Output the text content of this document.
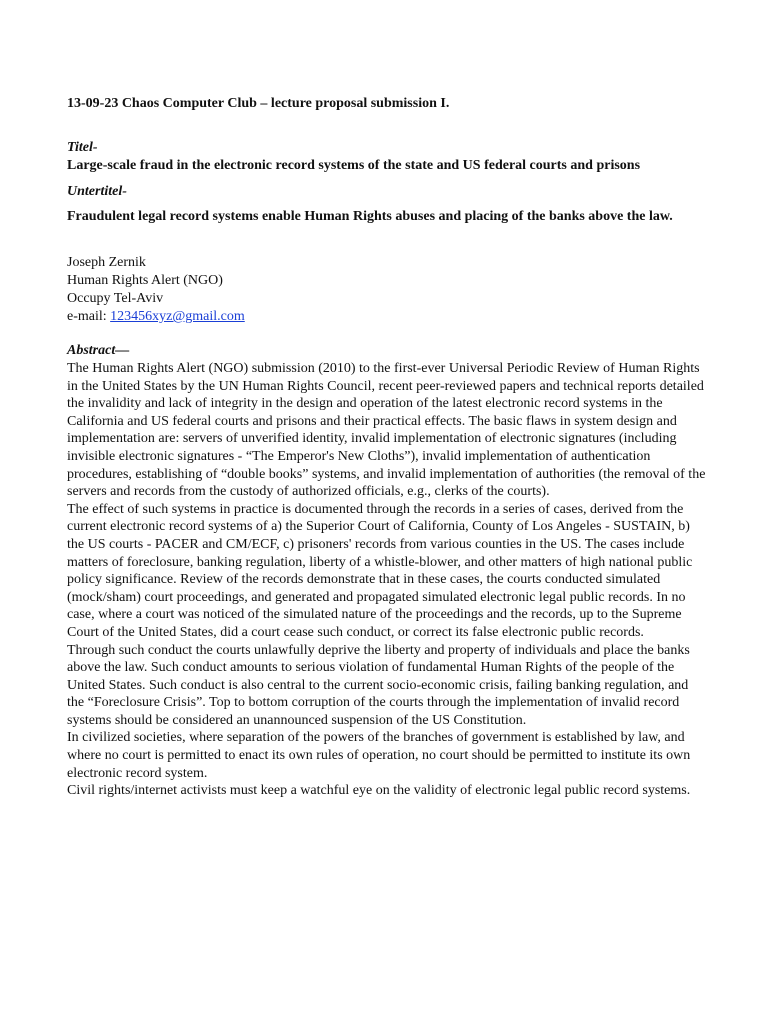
13-09-23 Chaos Computer Club – lecture proposal submission I.
Titel-
Large-scale fraud in the electronic record systems of the state and US federal courts and prisons
Untertitel-
Fraudulent legal record systems enable Human Rights abuses and placing of the banks above the law.
Joseph Zernik
Human Rights Alert (NGO)
Occupy Tel-Aviv
e-mail: 123456xyz@gmail.com
Abstract—

The Human Rights Alert (NGO) submission (2010) to the first-ever Universal Periodic Review of Human Rights in the United States by the UN Human Rights Council, recent peer-reviewed papers and technical reports detailed the invalidity and lack of integrity in the design and operation of the latest electronic record systems in the California and US federal courts and prisons and their practical effects. The basic flaws in system design and implementation are: servers of unverified identity, invalid implementation of electronic signatures (including invisible electronic signatures - “The Emperor's New Cloths”), invalid implementation of authentication procedures, establishing of “double books” systems, and invalid implementation of authorities (the removal of the servers and records from the custody of authorized officials, e.g., clerks of the courts).

The effect of such systems in practice is documented through the records in a series of cases, derived from the current electronic record systems of a) the Superior Court of California, County of Los Angeles - SUSTAIN, b) the US courts - PACER and CM/ECF, c) prisoners' records from various counties in the US. The cases include matters of foreclosure, banking regulation, liberty of a whistle-blower, and other matters of high national public policy significance. Review of the records demonstrate that in these cases, the courts conducted simulated (mock/sham) court proceedings, and generated and propagated simulated electronic legal public records. In no case, where a court was noticed of the simulated nature of the proceedings and the records, up to the Supreme Court of the United States, did a court cease such conduct, or correct its false electronic public records.

Through such conduct the courts unlawfully deprive the liberty and property of individuals and place the banks above the law. Such conduct amounts to serious violation of fundamental Human Rights of the people of the United States. Such conduct is also central to the current socio-economic crisis, failing banking regulation, and the “Foreclosure Crisis”. Top to bottom corruption of the courts through the implementation of invalid record systems should be considered an unannounced suspension of the US Constitution.

In civilized societies, where separation of the powers of the branches of government is established by law, and where no court is permitted to enact its own rules of operation, no court should be permitted to institute its own electronic record system.

Civil rights/internet activists must keep a watchful eye on the validity of electronic legal public record systems.
